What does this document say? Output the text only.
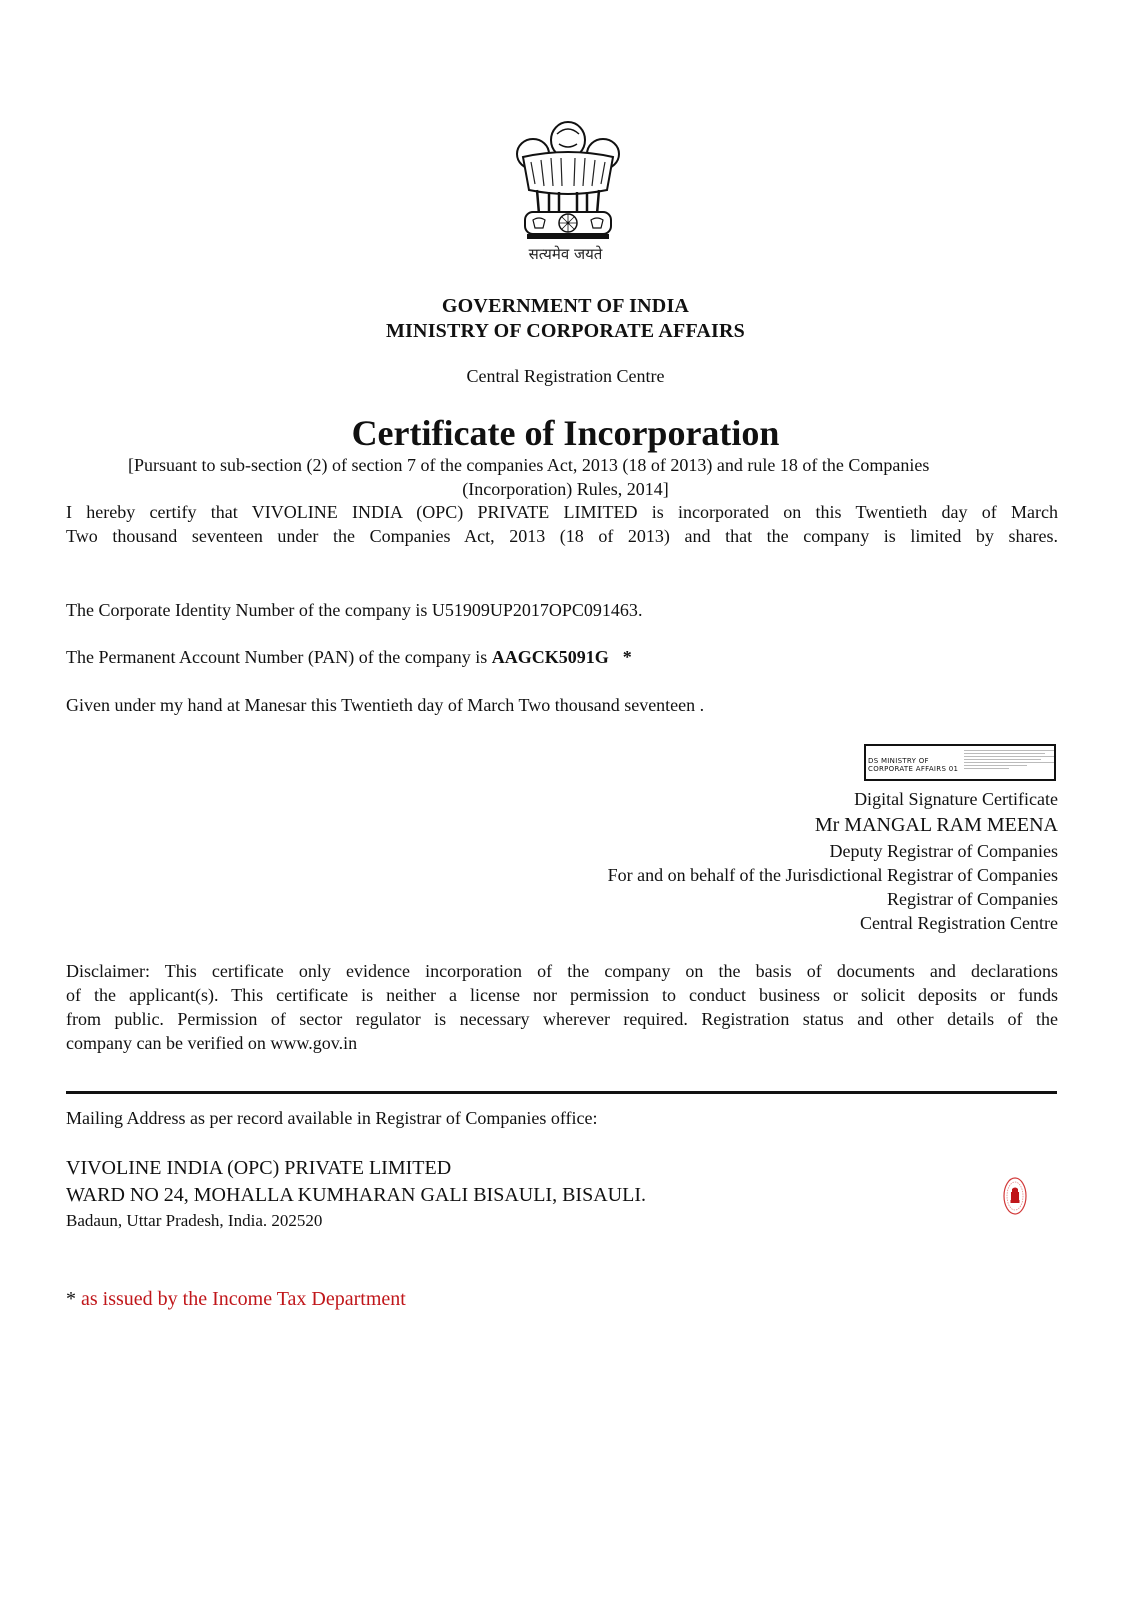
सत्यमेव जयते
GOVERNMENT OF INDIA
MINISTRY OF CORPORATE AFFAIRS
Central Registration Centre
Certificate of Incorporation
[Pursuant to sub-section (2) of section 7 of the companies Act, 2013 (18 of 2013) and rule 18 of the Companies
(Incorporation) Rules, 2014]
I hereby certify that VIVOLINE INDIA (OPC) PRIVATE LIMITED is incorporated on this Twentieth day of March
Two thousand seventeen under the Companies Act, 2013 (18 of 2013) and that the company is limited by shares.
The Corporate Identity Number of the company is U51909UP2017OPC091463.
The Permanent Account Number (PAN) of the company is AAGCK5091G *
Given under my hand at Manesar this Twentieth day of March Two thousand seventeen .
DS MINISTRY OF
CORPORATE AFFAIRS 01
Digital Signature Certificate
Mr MANGAL RAM MEENA
Deputy Registrar of Companies
For and on behalf of the Jurisdictional Registrar of Companies
Registrar of Companies
Central Registration Centre
Disclaimer: This certificate only evidence incorporation of the company on the basis of documents and declarations
of the applicant(s). This certificate is neither a license nor permission to conduct business or solicit deposits or funds
from public. Permission of sector regulator is necessary wherever required. Registration status and other details of the
company can be verified on www.gov.in
Mailing Address as per record available in Registrar of Companies office:
VIVOLINE INDIA (OPC) PRIVATE LIMITED
WARD NO 24, MOHALLA KUMHARAN GALI BISAULI, BISAULI.
Badaun, Uttar Pradesh, India. 202520
* as issued by the Income Tax Department
